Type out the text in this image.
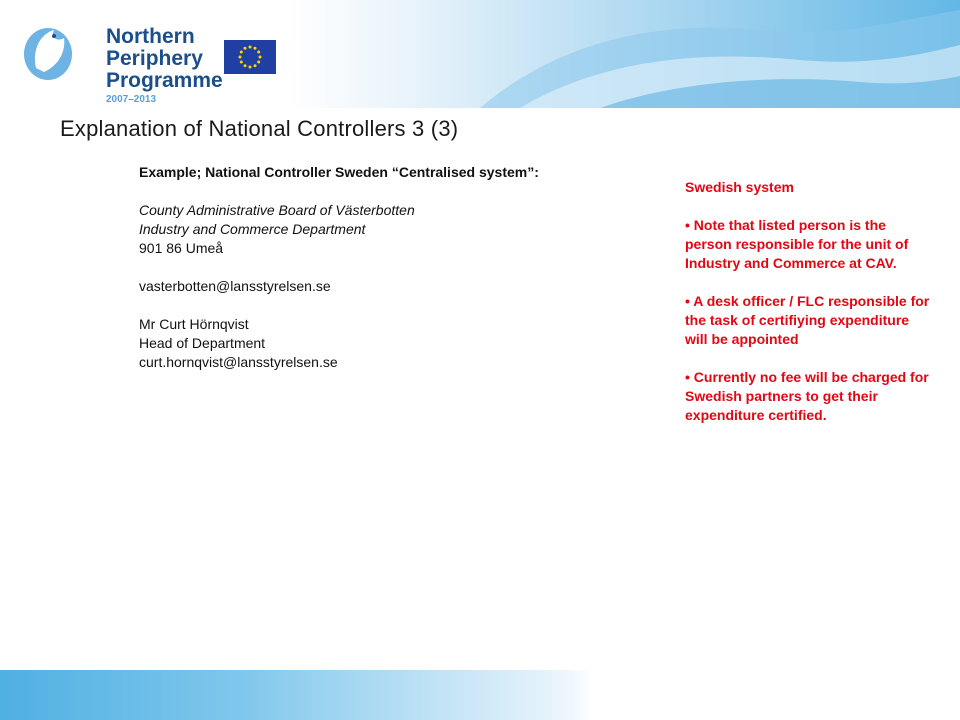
Northern
Periphery
Programme
2007–2013
Explanation of National Controllers 3 (3)
Example; National Controller Sweden “Centralised system”:
County Administrative Board of Västerbotten
Industry and Commerce Department
901 86 Umeå
vasterbotten@lansstyrelsen.se
Mr Curt Hörnqvist
Head of Department
curt.hornqvist@lansstyrelsen.se
Swedish system
• Note that listed person is the person responsible for the unit of Industry and Commerce at CAV.
• A desk officer / FLC responsible for the task of certifiying expenditure will be appointed
• Currently no fee will be charged for Swedish partners to get their expenditure certified.
